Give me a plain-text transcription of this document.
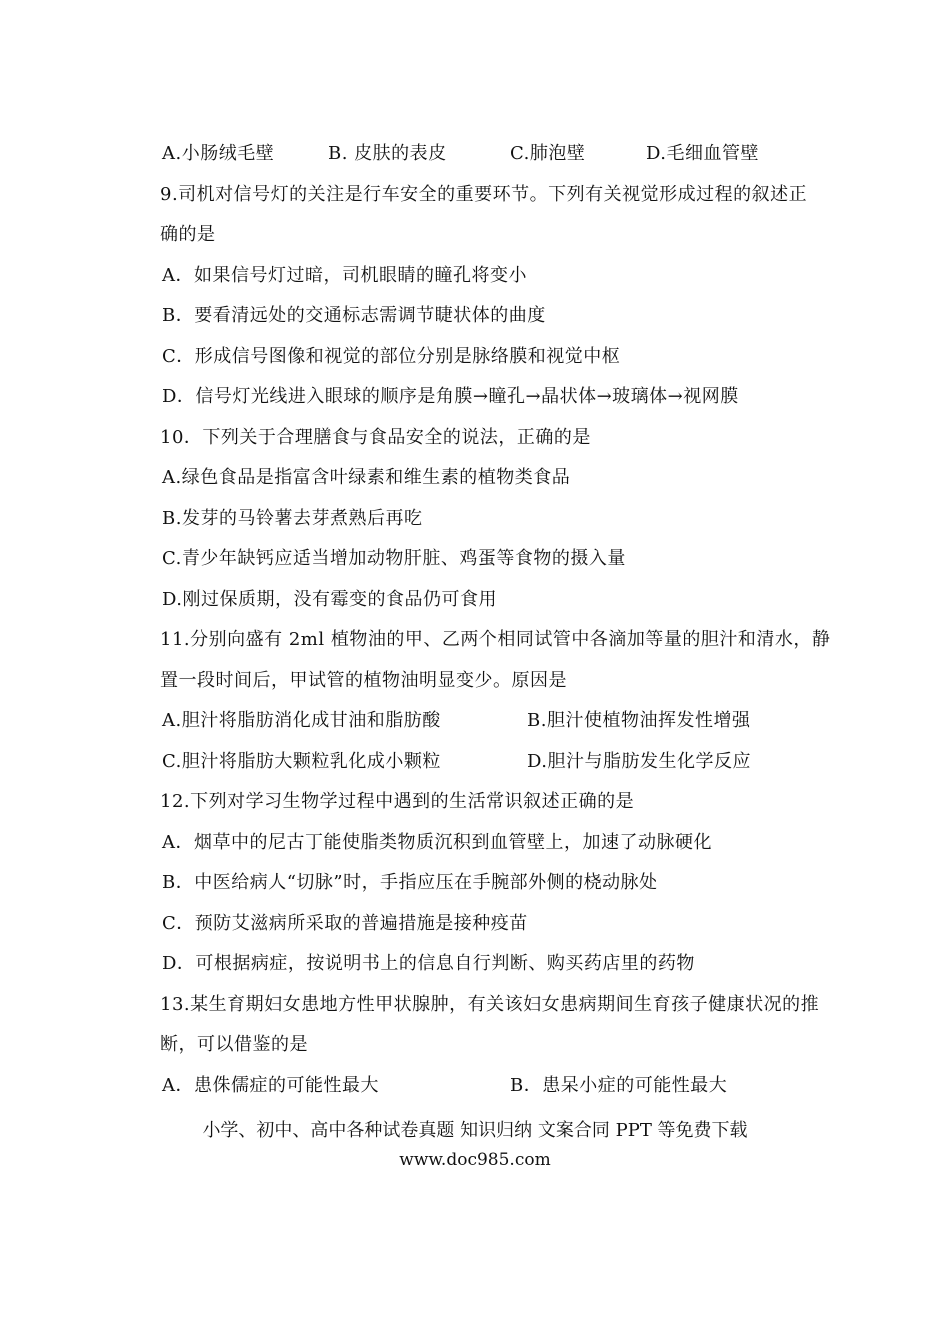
A.小肠绒毛壁	B. 皮肤的表皮	C.肺泡壁	D.毛细血管壁
9.司机对信号灯的关注是行车安全的重要环节。下列有关视觉形成过程的叙述正
确的是
A．如果信号灯过暗，司机眼睛的瞳孔将变小
B．要看清远处的交通标志需调节睫状体的曲度
C．形成信号图像和视觉的部位分别是脉络膜和视觉中枢
D．信号灯光线进入眼球的顺序是角膜→瞳孔→晶状体→玻璃体→视网膜
10．下列关于合理膳食与食品安全的说法，正确的是
A.绿色食品是指富含叶绿素和维生素的植物类食品
B.发芽的马铃薯去芽煮熟后再吃
C.青少年缺钙应适当增加动物肝脏、鸡蛋等食物的摄入量
D.刚过保质期，没有霉变的食品仍可食用
11.分别向盛有 2ml 植物油的甲、乙两个相同试管中各滴加等量的胆汁和清水，静
置一段时间后，甲试管的植物油明显变少。原因是
A.胆汁将脂肪消化成甘油和脂肪酸	B.胆汁使植物油挥发性增强
C.胆汁将脂肪大颗粒乳化成小颗粒	D.胆汁与脂肪发生化学反应
12.下列对学习生物学过程中遇到的生活常识叙述正确的是
A．烟草中的尼古丁能使脂类物质沉积到血管壁上，加速了动脉硬化
B．中医给病人“切脉”时，手指应压在手腕部外侧的桡动脉处
C．预防艾滋病所采取的普遍措施是接种疫苗
D．可根据病症，按说明书上的信息自行判断、购买药店里的药物
13.某生育期妇女患地方性甲状腺肿，有关该妇女患病期间生育孩子健康状况的推
断，可以借鉴的是
A．患侏儒症的可能性最大	B．患呆小症的可能性最大
小学、初中、高中各种试卷真题 知识归纳 文案合同 PPT 等免费下载
www.doc985.com
